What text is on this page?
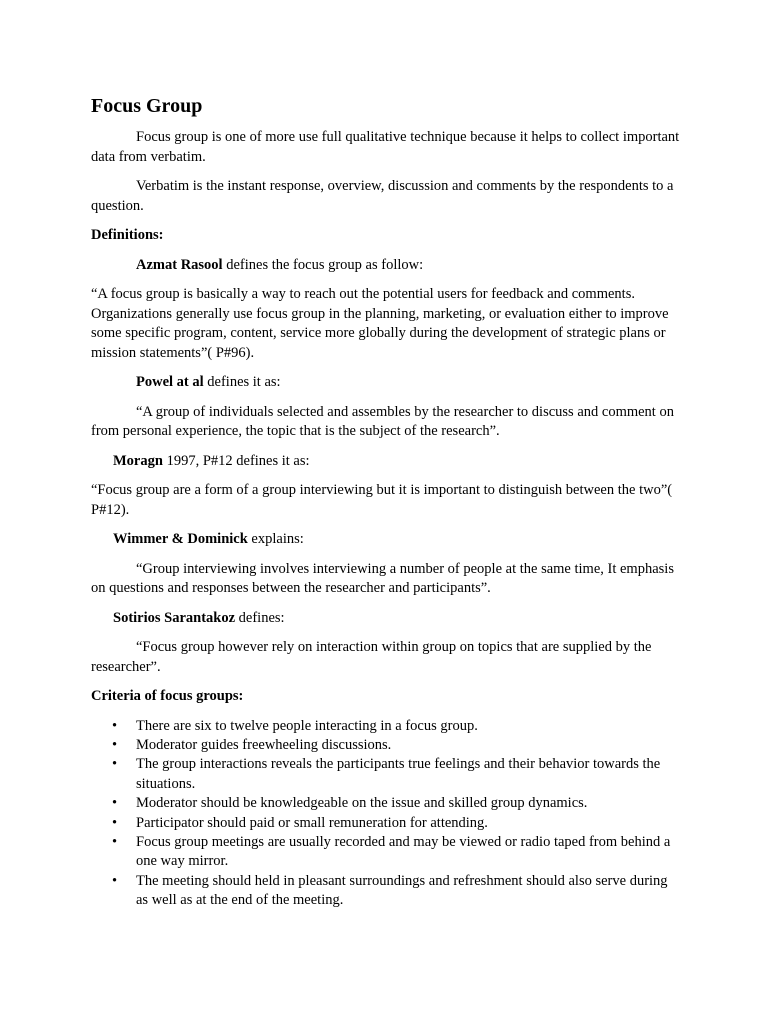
Focus Group

Focus group is one of more use full qualitative technique because it helps to collect important data from verbatim.

Verbatim is the instant response, overview, discussion and comments by the respondents to a question.

Definitions:

Azmat Rasool defines the focus group as follow:

“A focus group is basically a way to reach out the potential users for feedback and comments. Organizations generally use focus group in the planning, marketing, or evaluation either to improve some specific program, content, service more globally during the development of strategic plans or mission statements”( P#96).

Powel at al defines it as:

“A group of individuals selected and assembles by the researcher to discuss and comment on from personal experience, the topic that is the subject of the research”.

Moragn 1997, P#12 defines it as:

“Focus group are a form of a group interviewing but it is important to distinguish between the two”( P#12).

Wimmer & Dominick explains:

“Group interviewing involves interviewing a number of people at the same time, It emphasis on questions and responses between the researcher and participants”.

Sotirios Sarantakoz defines:

“Focus group however rely on interaction within group on topics that are supplied by the researcher”.

Criteria of focus groups:

• There are six to twelve people interacting in a focus group.
• Moderator guides freewheeling discussions.
• The group interactions reveals the participants true feelings and their behavior towards the situations.
• Moderator should be knowledgeable on the issue and skilled group dynamics.
• Participator should paid or small remuneration for attending.
• Focus group meetings are usually recorded and may be viewed or radio taped from behind a one way mirror.
• The meeting should held in pleasant surroundings and refreshment should also serve during as well as at the end of the meeting.
